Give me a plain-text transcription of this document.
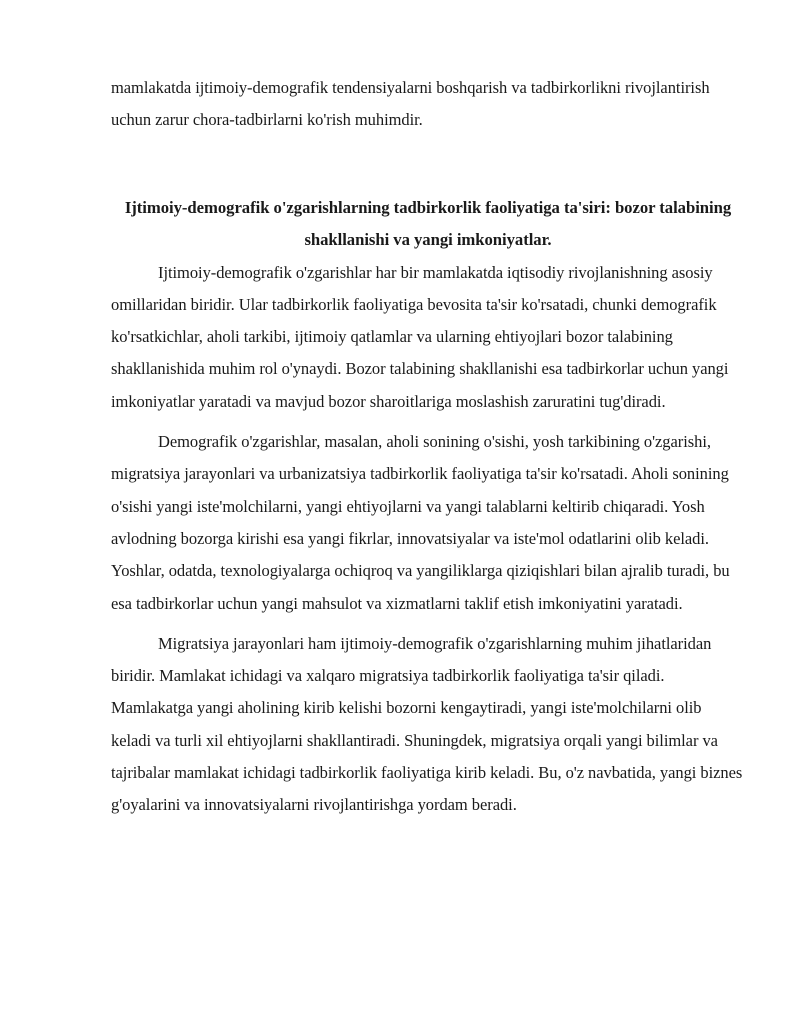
mamlakatda ijtimoiy-demografik tendensiyalarni boshqarish va tadbirkorlikni rivojlantirish uchun zarur chora-tadbirlarni ko'rish muhimdir.

Ijtimoiy-demografik o'zgarishlarning tadbirkorlik faoliyatiga ta'siri: bozor talabining shakllanishi va yangi imkoniyatlar.

Ijtimoiy-demografik o'zgarishlar har bir mamlakatda iqtisodiy rivojlanishning asosiy omillaridan biridir. Ular tadbirkorlik faoliyatiga bevosita ta'sir ko'rsatadi, chunki demografik ko'rsatkichlar, aholi tarkibi, ijtimoiy qatlamlar va ularning ehtiyojlari bozor talabining shakllanishida muhim rol o'ynaydi. Bozor talabining shakllanishi esa tadbirkorlar uchun yangi imkoniyatlar yaratadi va mavjud bozor sharoitlariga moslashish zaruratini tug'diradi.

Demografik o'zgarishlar, masalan, aholi sonining o'sishi, yosh tarkibining o'zgarishi, migratsiya jarayonlari va urbanizatsiya tadbirkorlik faoliyatiga ta'sir ko'rsatadi. Aholi sonining o'sishi yangi iste'molchilarni, yangi ehtiyojlarni va yangi talablarni keltirib chiqaradi. Yosh avlodning bozorga kirishi esa yangi fikrlar, innovatsiyalar va iste'mol odatlarini olib keladi. Yoshlar, odatda, texnologiyalarga ochiqroq va yangiliklarga qiziqishlari bilan ajralib turadi, bu esa tadbirkorlar uchun yangi mahsulot va xizmatlarni taklif etish imkoniyatini yaratadi.

Migratsiya jarayonlari ham ijtimoiy-demografik o'zgarishlarning muhim jihatlaridan biridir. Mamlakat ichidagi va xalqaro migratsiya tadbirkorlik faoliyatiga ta'sir qiladi. Mamlakatga yangi aholining kirib kelishi bozorni kengaytiradi, yangi iste'molchilarni olib keladi va turli xil ehtiyojlarni shakllantiradi. Shuningdek, migratsiya orqali yangi bilimlar va tajribalar mamlakat ichidagi tadbirkorlik faoliyatiga kirib keladi. Bu, o'z navbatida, yangi biznes g'oyalarini va innovatsiyalarni rivojlantirishga yordam beradi.
